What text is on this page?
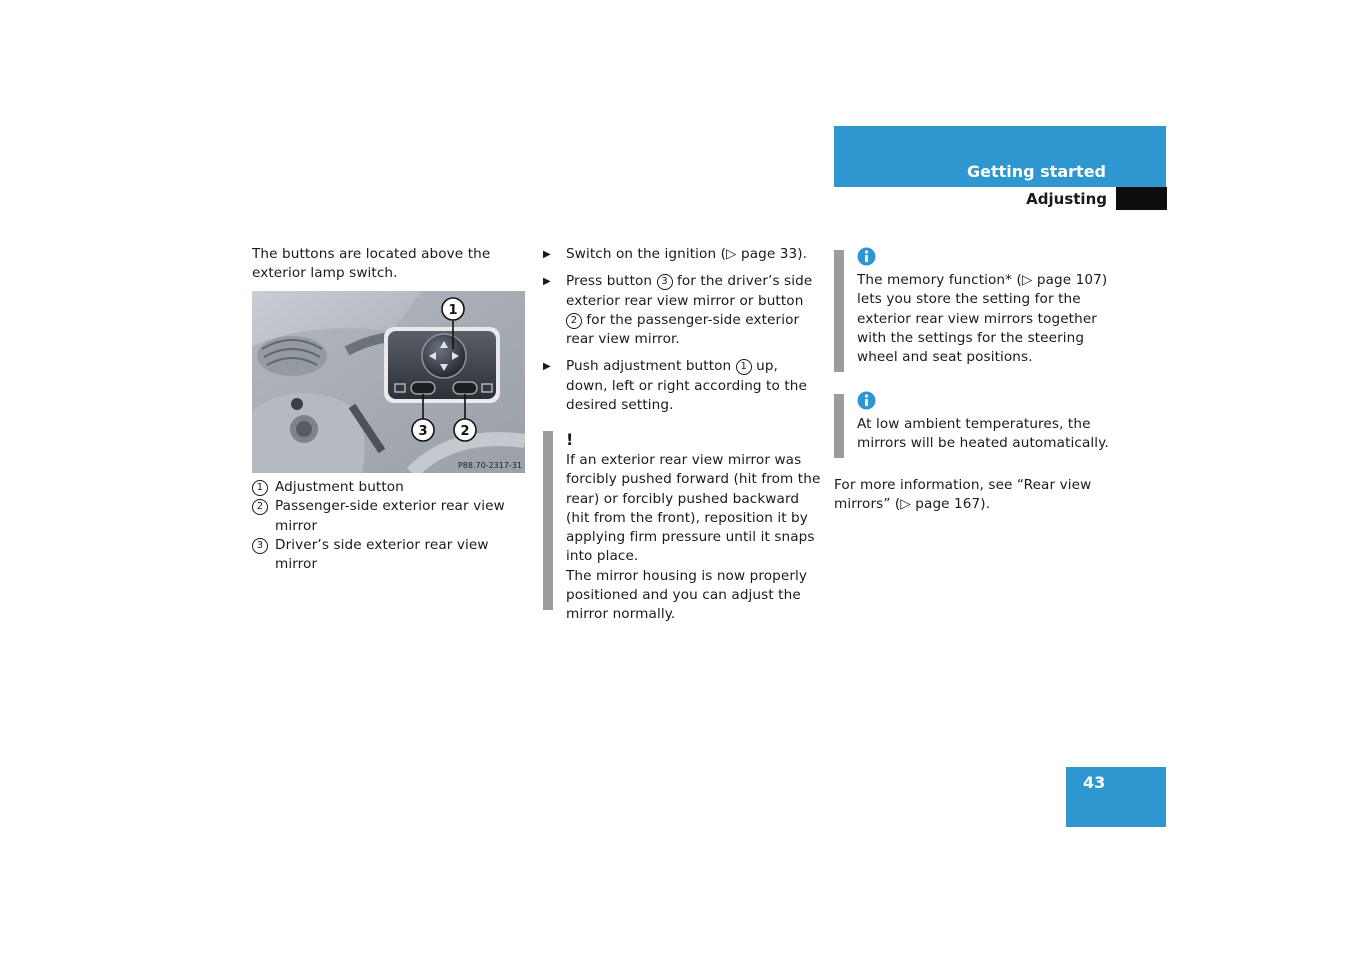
Getting started
Adjusting
The buttons are located above the exterior lamp switch.
1
3	2
P88.70-2317-31
1 Adjustment button
2 Passenger-side exterior rear view mirror
3 Driver’s side exterior rear view mirror
▶	Switch on the ignition (▷ page 33).
▶	Press button 3 for the driver’s side exterior rear view mirror or button 2 for the passenger-side exterior rear view mirror.
▶	Push adjustment button 1 up, down, left or right according to the desired setting.
!
If an exterior rear view mirror was forcibly pushed forward (hit from the rear) or forcibly pushed backward (hit from the front), reposition it by applying firm pressure until it snaps into place.
The mirror housing is now properly positioned and you can adjust the mirror normally.
The memory function* (▷ page 107) lets you store the setting for the exterior rear view mirrors together with the settings for the steering wheel and seat positions.
At low ambient temperatures, the mirrors will be heated automatically.
For more information, see “Rear view mirrors” (▷ page 167).
43
